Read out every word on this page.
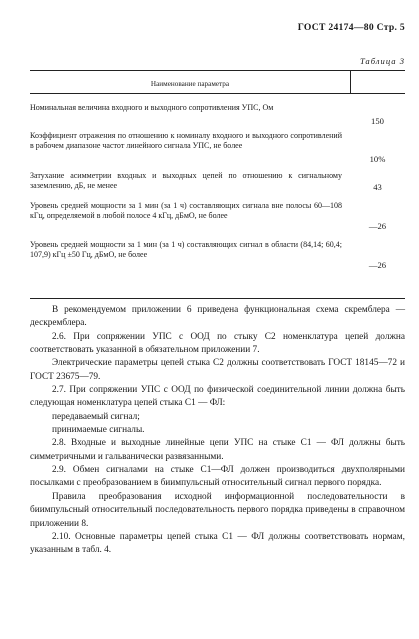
ГОСТ 24174—80 Стр. 5
Таблица 3
Наименование параметра
Номинальная величина входного и выходного сопротивления УПС, Ом
150
Коэффициент отражения по отношению к номиналу входного и выходного сопротивлений в рабочем диапазоне частот линейного сигнала УПС, не более
10%
Затухание асимметрии входных и выходных цепей по отношению к сигнальному заземлению, дБ, не менее	43
Уровень средней мощности за 1 мин (за 1 ч) составляющих сигнала вне полосы 60—108 кГц, определяемой в любой полосе 4 кГц, дБмО, не более
—26
Уровень средней мощности за 1 мин (за 1 ч) составляющих сигнал в области (84,14; 60,4; 107,9) кГц ±50 Гц, дБмО, не более
—26

В рекомендуемом приложении 6 приведена функциональная схема скремблера — дескремблера.

2.6. При сопряжении УПС с ООД по стыку С2 номенклатура цепей должна соответствовать указанной в обязательном приложении 7.

Электрические параметры цепей стыка С2 должны соответствовать ГОСТ 18145—72 и ГОСТ 23675—79.

2.7. При сопряжении УПС с ООД по физической соединительной линии должна быть следующая номенклатура цепей стыка С1 — ФЛ:

передаваемый сигнал;

принимаемые сигналы.

2.8. Входные и выходные линейные цепи УПС на стыке С1 — ФЛ должны быть симметричными и гальванически развязанными.

2.9. Обмен сигналами на стыке С1—ФЛ должен производиться двухполярными посылками с преобразованием в биимпульсный относительный сигнал первого порядка.

Правила преобразования исходной информационной последовательности в биимпульсный относительный последовательность первого порядка приведены в справочном приложении 8.

2.10. Основные параметры цепей стыка С1 — ФЛ должны соответствовать нормам, указанным в табл. 4.
